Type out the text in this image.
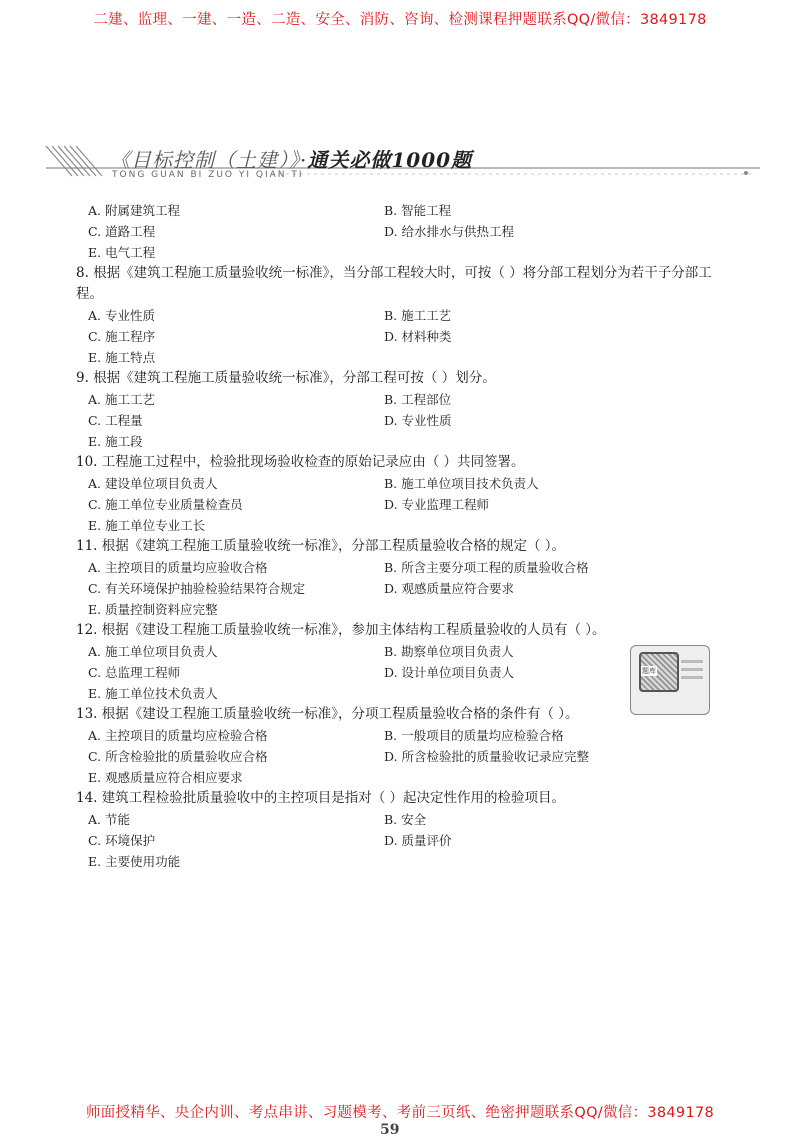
二建、监理、一建、一造、二造、安全、消防、咨询、检测课程押题联系QQ/微信：3849178
《目标控制（土建）》·通关必做1000题
TONG GUAN BI ZUO YI QIAN TI
A. 附属建筑工程	B. 智能工程
C. 道路工程	D. 给水排水与供热工程
E. 电气工程

8. 根据《建筑工程施工质量验收统一标准》，当分部工程较大时，可按（ ）将分部工程划分为若干子分部工程。

A. 专业性质	B. 施工工艺
C. 施工程序	D. 材料种类
E. 施工特点

9. 根据《建筑工程施工质量验收统一标准》，分部工程可按（ ）划分。

A. 施工工艺	B. 工程部位
C. 工程量	D. 专业性质
E. 施工段

10. 工程施工过程中，检验批现场验收检查的原始记录应由（ ）共同签署。

A. 建设单位项目负责人	B. 施工单位项目技术负责人
C. 施工单位专业质量检查员	D. 专业监理工程师
E. 施工单位专业工长

11. 根据《建筑工程施工质量验收统一标准》，分部工程质量验收合格的规定（ ）。

A. 主控项目的质量均应验收合格	B. 所含主要分项工程的质量验收合格
C. 有关环境保护抽验检验结果符合规定	D. 观感质量应符合要求
E. 质量控制资料应完整

12. 根据《建设工程施工质量验收统一标准》，参加主体结构工程质量验收的人员有（ ）。

A. 施工单位项目负责人	B. 勘察单位项目负责人
C. 总监理工程师	D. 设计单位项目负责人
E. 施工单位技术负责人

13. 根据《建设工程施工质量验收统一标准》，分项工程质量验收合格的条件有（ ）。

A. 主控项目的质量均应检验合格	B. 一般项目的质量均应检验合格
C. 所含检验批的质量验收应合格	D. 所含检验批的质量验收记录应完整
E. 观感质量应符合相应要求

14. 建筑工程检验批质量验收中的主控项目是指对（ ）起决定性作用的检验项目。

A. 节能	B. 安全
C. 环境保护	D. 质量评价
E. 主要使用功能
题库
59
师面授精华、央企内训、考点串讲、习题模考、考前三页纸、绝密押题联系QQ/微信：3849178
